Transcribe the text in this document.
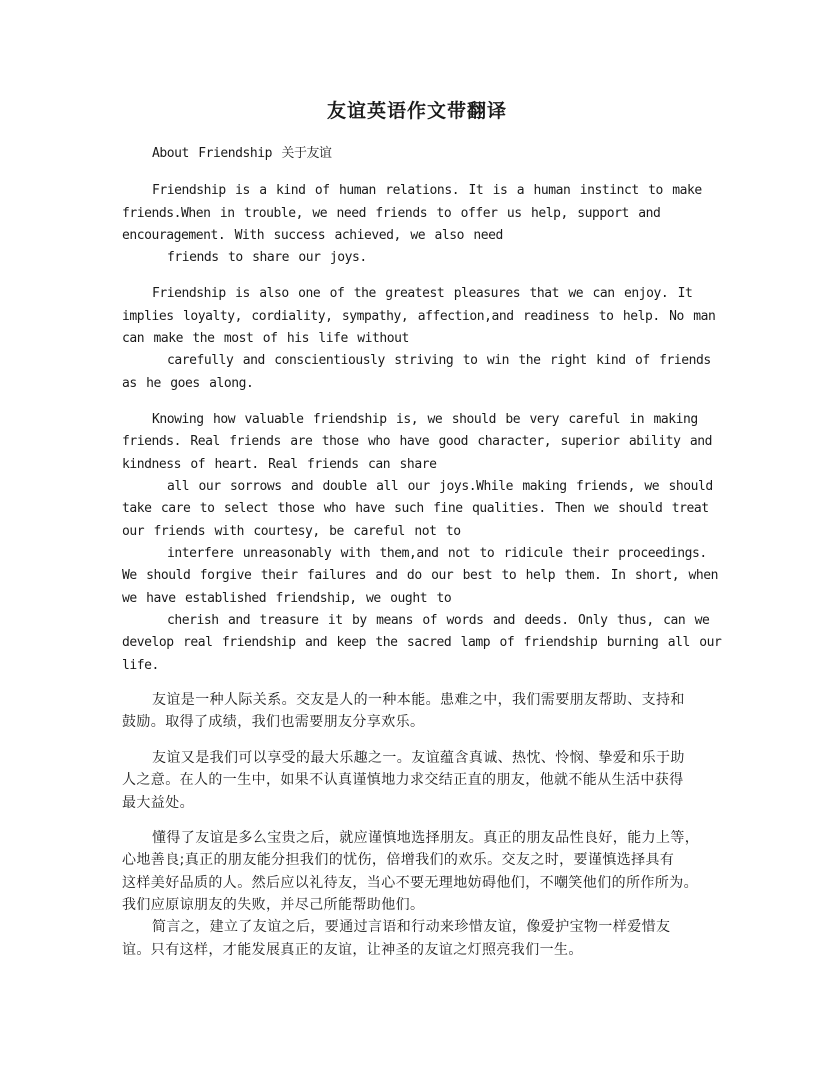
友谊英语作文带翻译
About Friendship 关于友谊
Friendship is a kind of human relations. It is a human instinct to make
friends.When in trouble, we need friends to offer us help, support and
encouragement. With success achieved, we also need
friends to share our joys.
Friendship is also one of the greatest pleasures that we can enjoy. It
implies loyalty, cordiality, sympathy, affection,and readiness to help. No man
can make the most of his life without
carefully and conscientiously striving to win the right kind of friends
as he goes along.
Knowing how valuable friendship is, we should be very careful in making
friends. Real friends are those who have good character, superior ability and
kindness of heart. Real friends can share
all our sorrows and double all our joys.While making friends, we should
take care to select those who have such fine qualities. Then we should treat
our friends with courtesy, be careful not to
interfere unreasonably with them,and not to ridicule their proceedings.
We should forgive their failures and do our best to help them. In short, when
we have established friendship, we ought to
cherish and treasure it by means of words and deeds. Only thus, can we
develop real friendship and keep the sacred lamp of friendship burning all our
life.
友谊是一种人际关系。交友是人的一种本能。患难之中，我们需要朋友帮助、支持和
鼓励。取得了成绩，我们也需要朋友分享欢乐。
友谊又是我们可以享受的最大乐趣之一。友谊蕴含真诚、热忱、怜悯、挚爱和乐于助
人之意。在人的一生中，如果不认真谨慎地力求交结正直的朋友，他就不能从生活中获得
最大益处。
懂得了友谊是多么宝贵之后，就应谨慎地选择朋友。真正的朋友品性良好，能力上等，
心地善良;真正的朋友能分担我们的忧伤，倍增我们的欢乐。交友之时，要谨慎选择具有
这样美好品质的人。然后应以礼待友，当心不要无理地妨碍他们，不嘲笑他们的所作所为。
我们应原谅朋友的失败，并尽己所能帮助他们。
简言之，建立了友谊之后，要通过言语和行动来珍惜友谊，像爱护宝物一样爱惜友
谊。只有这样，才能发展真正的友谊，让神圣的友谊之灯照亮我们一生。
